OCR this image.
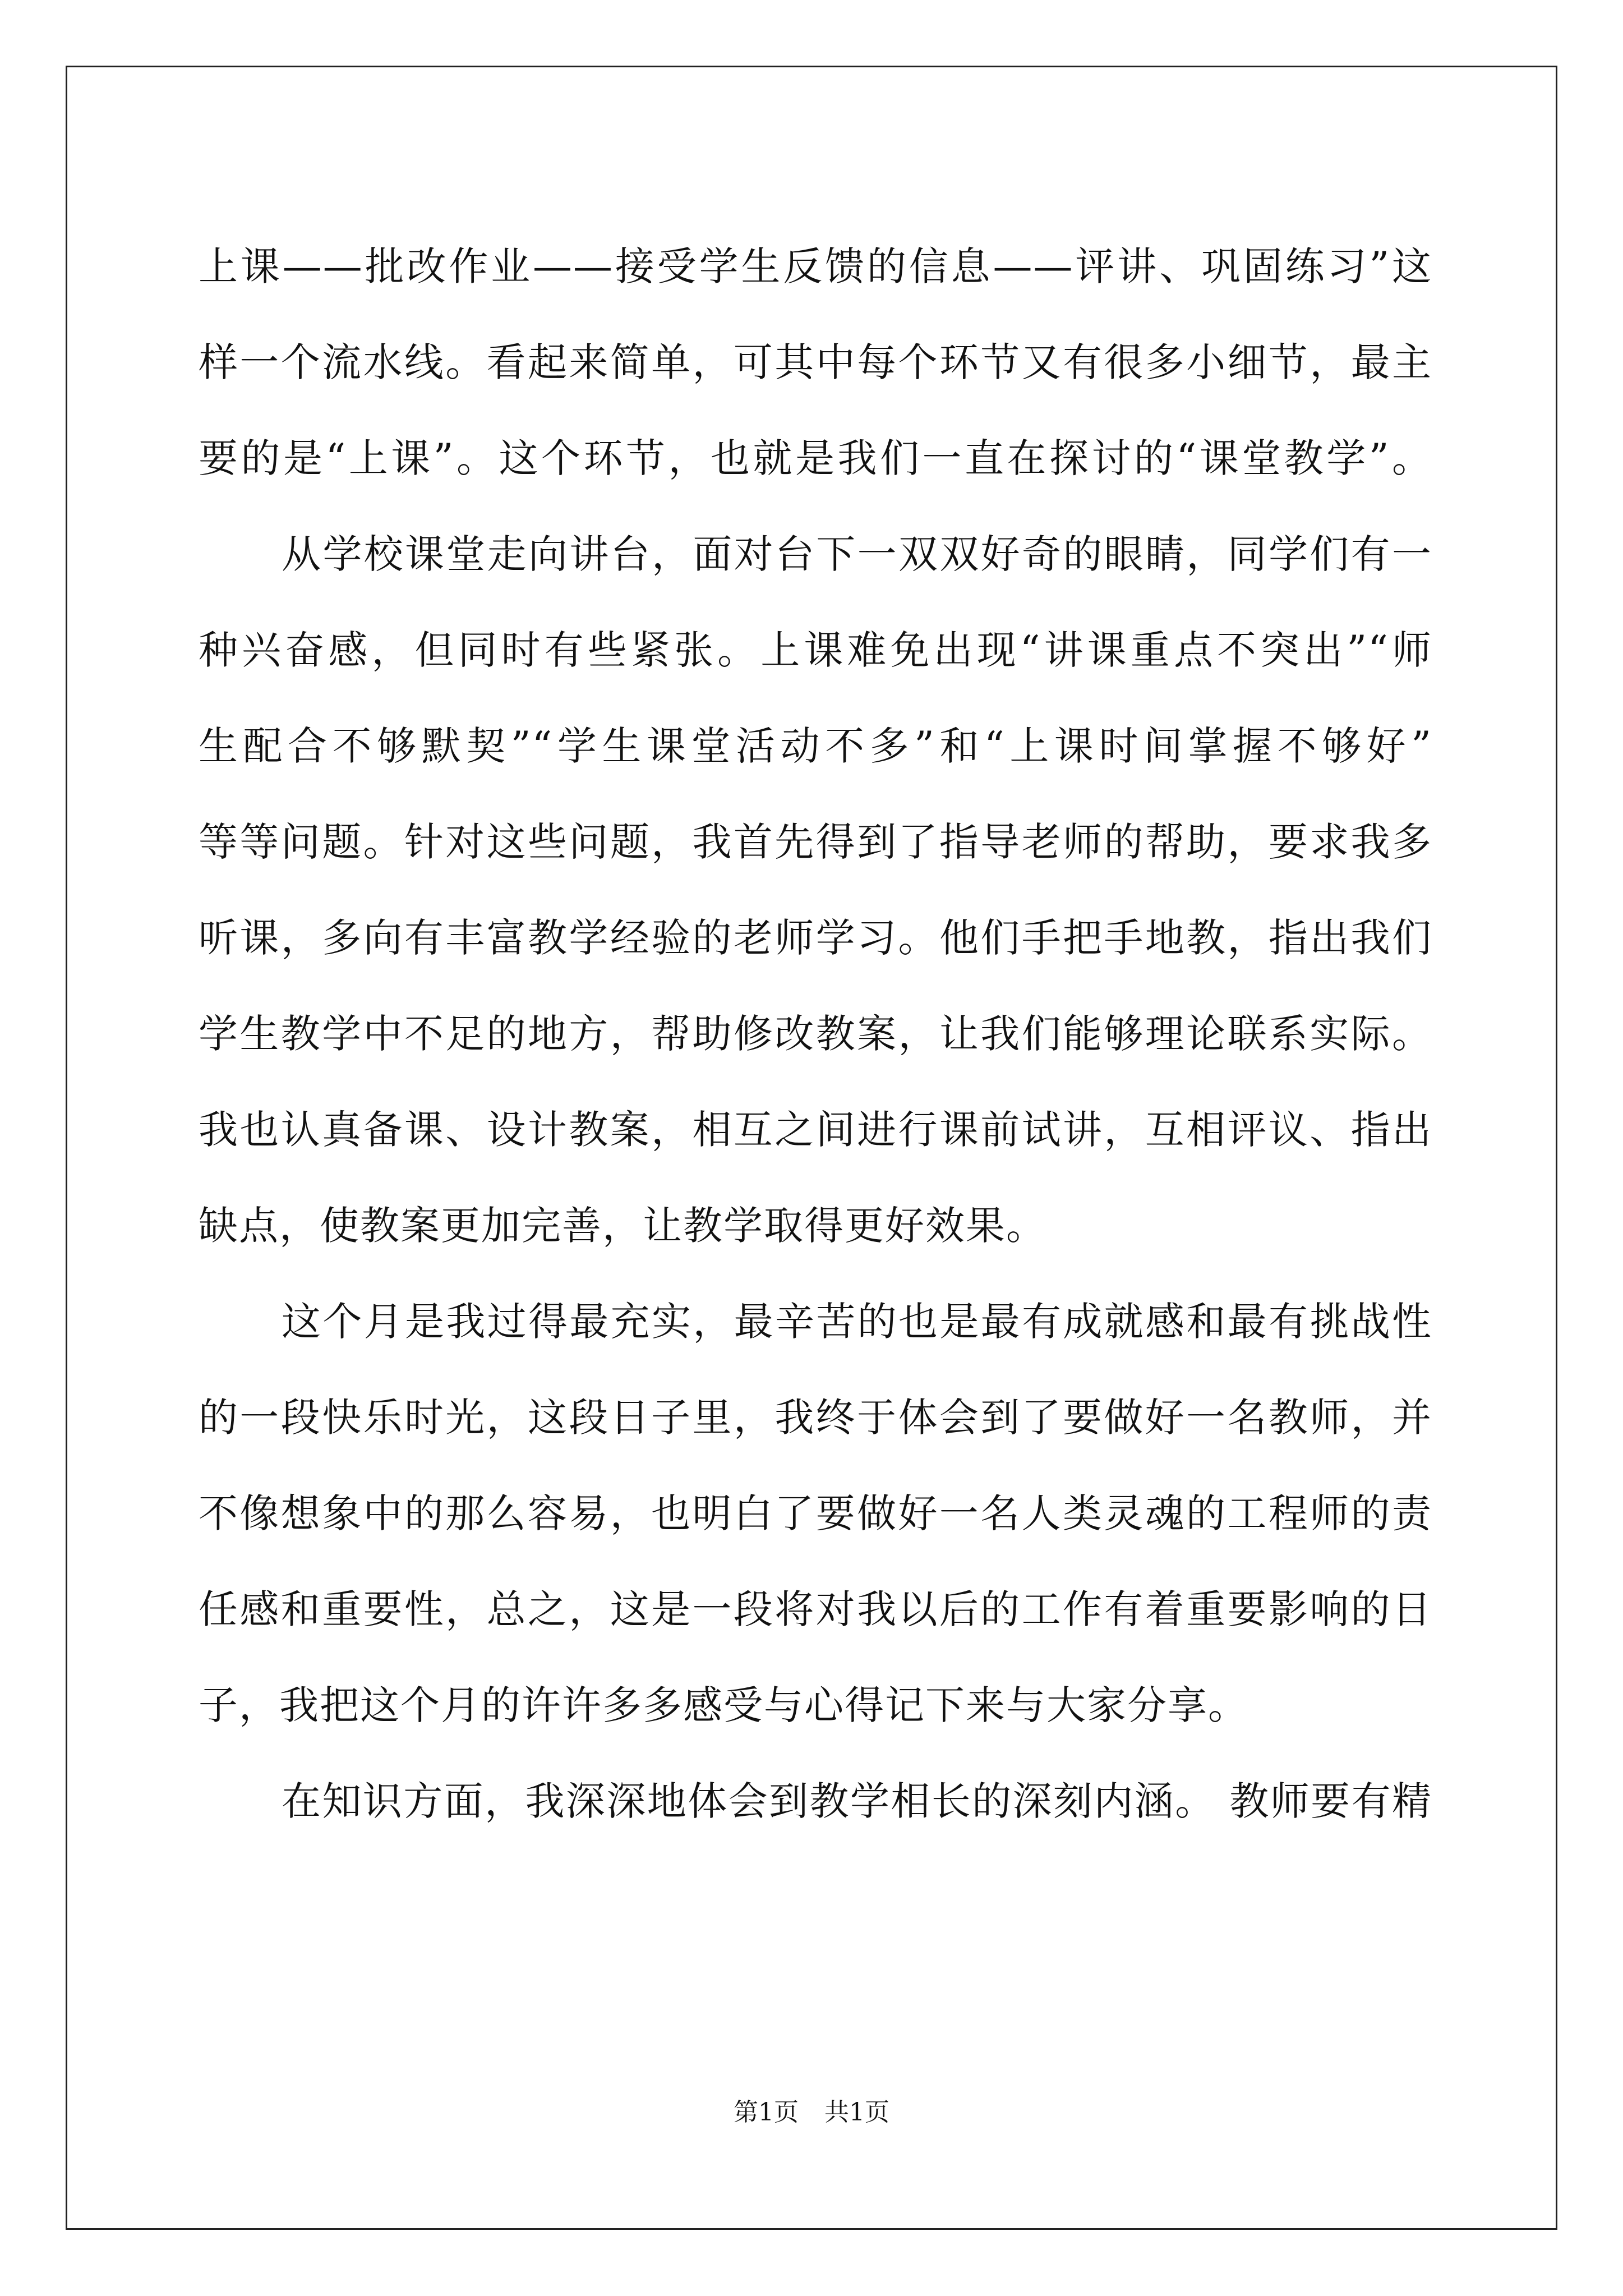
上课——批改作业——接受学生反馈的信息——评讲、巩固练习”这
样一个流水线。看起来简单，可其中每个环节又有很多小细节，最主
要的是“上课”。这个环节，也就是我们一直在探讨的“课堂教学”。
从学校课堂走向讲台，面对台下一双双好奇的眼睛，同学们有一
种兴奋感，但同时有些紧张。上课难免出现“讲课重点不突出”“师
生配合不够默契”“学生课堂活动不多”和“上课时间掌握不够好”
等等问题。针对这些问题，我首先得到了指导老师的帮助，要求我多
听课，多向有丰富教学经验的老师学习。他们手把手地教，指出我们
学生教学中不足的地方，帮助修改教案，让我们能够理论联系实际。
我也认真备课、设计教案，相互之间进行课前试讲，互相评议、指出
缺点，使教案更加完善，让教学取得更好效果。
这个月是我过得最充实，最辛苦的也是最有成就感和最有挑战性
的一段快乐时光，这段日子里，我终于体会到了要做好一名教师，并
不像想象中的那么容易，也明白了要做好一名人类灵魂的工程师的责
任感和重要性，总之，这是一段将对我以后的工作有着重要影响的日
子，我把这个月的许许多多感受与心得记下来与大家分享。
在知识方面，我深深地体会到教学相长的深刻内涵。 教师要有精
第1页 共1页
